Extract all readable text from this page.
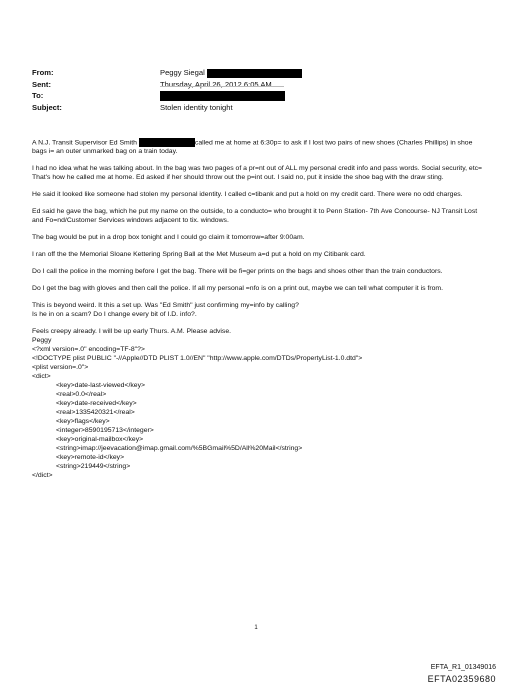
From:	Peggy Siegal
Sent:	Thursday, April 26, 2012 6:05 AM
To:
Subject:	Stolen identity tonight

A N.J. Transit Supervisor Ed Smith	called me at home at 6:30p= to ask if I lost two pairs of new shoes (Charles Phillips) in shoe bags i= an outer unmarked bag on a train today.

I had no idea what he was talking about. In the bag was two pages of a pr=nt out of ALL my personal credit info and pass words. Social security, etc= That's how he called me at home. Ed asked if her should throw out the p=int out. I said no, put it inside the shoe bag with the draw sting.

He said it looked like someone had stolen my personal identity. I called c=tibank and put a hold on my credit card. There were no odd charges.

Ed said he gave the bag, which he put my name on the outside, to a conducto= who brought it to Penn Station- 7th Ave Concourse- NJ Transit Lost and Fo=nd/Customer Services windows adjacent to tix. windows.

The bag would be put in a drop box tonight and I could go claim it tomorrow=after 9:00am.

I ran off the the Memorial Sloane Kettering Spring Ball at the Met Museum a=d put a hold on my Citibank card.

Do I call the police in the morning before I get the bag. There will be fi=ger prints on the bags and shoes other than the train conductors.

Do I get the bag with gloves and then call the police. If all my personal =nfo is on a print out, maybe we can tell what computer it is from.

This is beyond weird. It this a set up. Was "Ed Smith" just confirming my=info by calling?
Is he in on a scam? Do I change every bit of I.D. info?.

Feels creepy already. I will be up early Thurs. A.M. Please advise.
Peggy
<?xml version=.0" encoding=TF-8"?>
<!DOCTYPE plist PUBLIC "-//Apple//DTD PLIST 1.0//EN" "http://www.apple.com/DTDs/PropertyList-1.0.dtd">
<plist version=.0">
<dict>
<key>date-last-viewed</key>
<real>0.0</real>
<key>date-received</key>
<real>1335420321</real>
<key>flags</key>
<integer>8590195713</integer>
<key>original-mailbox</key>
<string>imap://jeevacation@imap.gmail.com/%5BGmail%5D/All%20Mail</string>
<key>remote-id</key>
<string>219449</string>
</dict>
1
EFTA_R1_01349016
EFTA02359680
